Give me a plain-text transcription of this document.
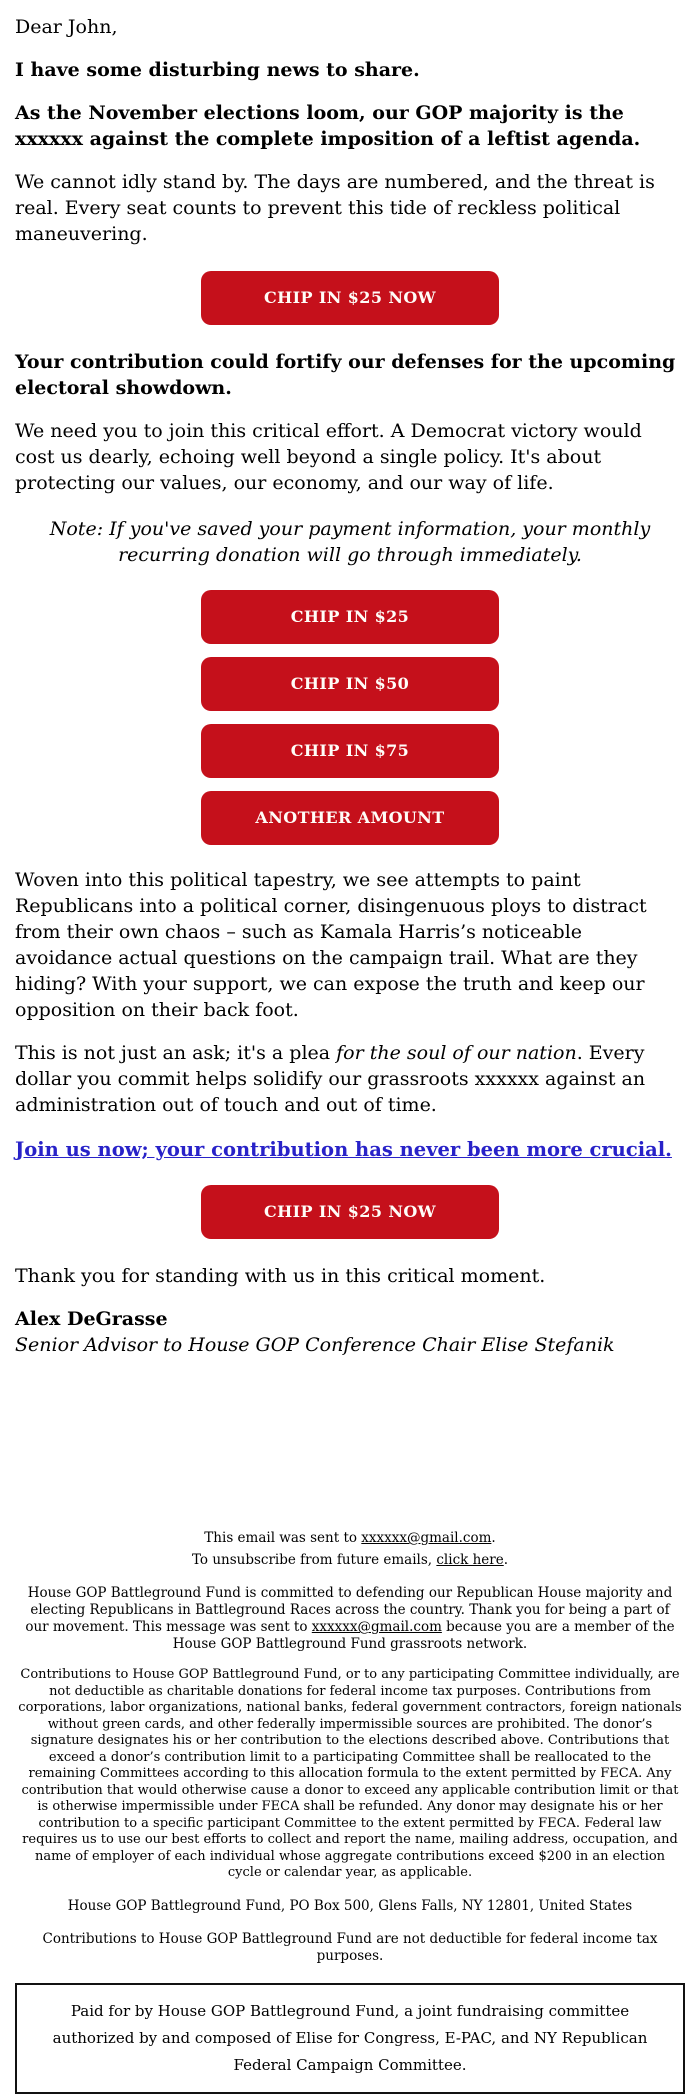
Dear John,

I have some disturbing news to share.

As the November elections loom, our GOP majority is the xxxxxx against the complete imposition of a leftist agenda.

We cannot idly stand by. The days are numbered, and the threat is real. Every seat counts to prevent this tide of reckless political maneuvering.

CHIP IN $25 NOW

Your contribution could fortify our defenses for the upcoming electoral showdown.

We need you to join this critical effort. A Democrat victory would cost us dearly, echoing well beyond a single policy. It's about protecting our values, our economy, and our way of life.

Note: If you've saved your payment information, your monthly recurring donation will go through immediately.

CHIP IN $25
CHIP IN $50
CHIP IN $75
ANOTHER AMOUNT

Woven into this political tapestry, we see attempts to paint Republicans into a political corner, disingenuous ploys to distract from their own chaos – such as Kamala Harris’s noticeable avoidance actual questions on the campaign trail. What are they hiding? With your support, we can expose the truth and keep our opposition on their back foot.

This is not just an ask; it's a plea for the soul of our nation. Every dollar you commit helps solidify our grassroots xxxxxx against an administration out of touch and out of time.

Join us now; your contribution has never been more crucial.

CHIP IN $25 NOW

Thank you for standing with us in this critical moment.

Alex DeGrasse
Senior Advisor to House GOP Conference Chair Elise Stefanik

This email was sent to xxxxxx@gmail.com.

To unsubscribe from future emails, click here.

House GOP Battleground Fund is committed to defending our Republican House majority and electing Republicans in Battleground Races across the country. Thank you for being a part of our movement. This message was sent to xxxxxx@gmail.com because you are a member of the House GOP Battleground Fund grassroots network.

Contributions to House GOP Battleground Fund, or to any participating Committee individually, are not deductible as charitable donations for federal income tax purposes. Contributions from corporations, labor organizations, national banks, federal government contractors, foreign nationals without green cards, and other federally impermissible sources are prohibited. The donor’s signature designates his or her contribution to the elections described above. Contributions that exceed a donor’s contribution limit to a participating Committee shall be reallocated to the remaining Committees according to this allocation formula to the extent permitted by FECA. Any contribution that would otherwise cause a donor to exceed any applicable contribution limit or that is otherwise impermissible under FECA shall be refunded. Any donor may designate his or her contribution to a specific participant Committee to the extent permitted by FECA. Federal law requires us to use our best efforts to collect and report the name, mailing address, occupation, and name of employer of each individual whose aggregate contributions exceed $200 in an election cycle or calendar year, as applicable.

House GOP Battleground Fund, PO Box 500, Glens Falls, NY 12801, United States

Contributions to House GOP Battleground Fund are not deductible for federal income tax purposes.

Paid for by House GOP Battleground Fund, a joint fundraising committee authorized by and composed of Elise for Congress, E-PAC, and NY Republican Federal Campaign Committee.
